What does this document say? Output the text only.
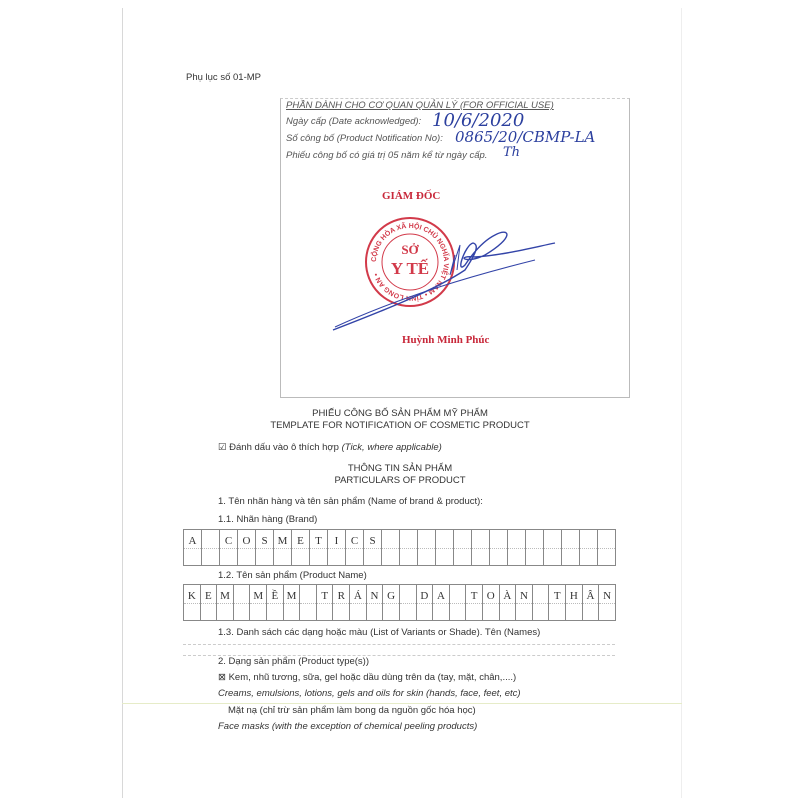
Phụ lục số 01-MP
PHẦN DÀNH CHO CƠ QUAN QUẢN LÝ (FOR OFFICIAL USE)
Ngày cấp (Date acknowledged): 10/6/2020
Số công bố (Product Notification No): 0865/20/CBMP-LA
Phiếu công bố có giá trị 05 năm kể từ ngày cấp. Th
GIÁM ĐỐC
CỘNG HÒA XÃ HỘI CHỦ NGHĨA VIỆT NAM • TỈNH LONG AN •
SỞ
Y TẾ
Huỳnh Minh Phúc
PHIẾU CÔNG BỐ SẢN PHẨM MỸ PHẨM
TEMPLATE FOR NOTIFICATION OF COSMETIC PRODUCT
☑ Đánh dấu vào ô thích hợp (Tick, where applicable)
THÔNG TIN SẢN PHẨM
PARTICULARS OF PRODUCT
1. Tên nhãn hàng và tên sản phẩm (Name of brand & product):
1.1. Nhãn hàng (Brand)
A	C O S M E	T	I	C	S
1.2. Tên sản phẩm (Product Name)
K E M	M Ề M	T R Á N G	D A	T O À N	T H Â N
1.3. Danh sách các dạng hoặc màu (List of Variants or Shade). Tên (Names)
2. Dạng sản phẩm (Product type(s))
⊠ Kem, nhũ tương, sữa, gel hoặc dầu dùng trên da (tay, mặt, chân,....)
Creams, emulsions, lotions, gels and oils for skin (hands, face, feet, etc)
Mặt nạ (chỉ trừ sản phẩm làm bong da nguồn gốc hóa học)
Face masks (with the exception of chemical peeling products)
